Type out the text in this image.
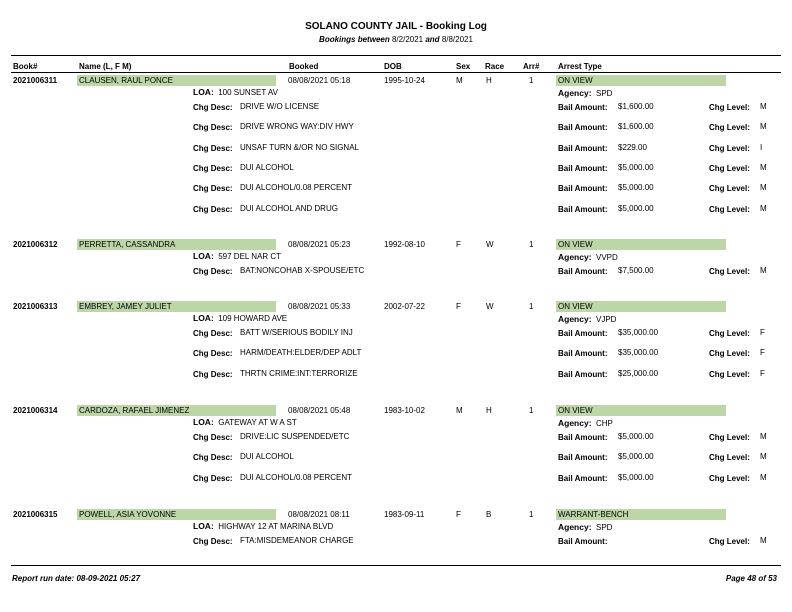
SOLANO COUNTY JAIL - Booking Log
Bookings between 8/2/2021 and 8/8/2021
Book#	Name (L, F M)	Booked	DOB	Sex Race Arr# Arrest Type
2021006311	CLAUSEN, RAUL PONCE	08/08/2021 05:18	1995-10-24	M	H	1	ON VIEW
LOA: 100 SUNSET AV	Agency: SPD
Chg Desc: DRIVE W/O LICENSE	Bail Amount: $1,600.00	Chg Level: M
Chg Desc: DRIVE WRONG WAY:DIV HWY	Bail Amount: $1,600.00	Chg Level: M
Chg Desc: UNSAF TURN &/OR NO SIGNAL	Bail Amount: $229.00	Chg Level: I
Chg Desc: DUI ALCOHOL	Bail Amount: $5,000.00	Chg Level: M
Chg Desc: DUI ALCOHOL/0.08 PERCENT	Bail Amount: $5,000.00	Chg Level: M
Chg Desc: DUI ALCOHOL AND DRUG	Bail Amount: $5,000.00	Chg Level: M
2021006312	PERRETTA, CASSANDRA	08/08/2021 05:23	1992-08-10	F	W	1	ON VIEW
LOA: 597 DEL NAR CT	Agency: VVPD
Chg Desc: BAT:NONCOHAB X-SPOUSE/ETC	Bail Amount: $7,500.00	Chg Level: M
2021006313	EMBREY, JAMEY JULIET	08/08/2021 05:33	2002-07-22	F	W	1	ON VIEW
LOA: 109 HOWARD AVE	Agency: VJPD
Chg Desc: BATT W/SERIOUS BODILY INJ	Bail Amount: $35,000.00	Chg Level: F
Chg Desc: HARM/DEATH:ELDER/DEP ADLT	Bail Amount: $35,000.00	Chg Level: F
Chg Desc: THRTN CRIME:INT:TERRORIZE	Bail Amount: $25,000.00	Chg Level: F
2021006314	CARDOZA, RAFAEL JIMENEZ	08/08/2021 05:48	1983-10-02	M	H	1	ON VIEW
LOA: GATEWAY AT W A ST	Agency: CHP
Chg Desc: DRIVE:LIC SUSPENDED/ETC	Bail Amount: $5,000.00	Chg Level: M
Chg Desc: DUI ALCOHOL	Bail Amount: $5,000.00	Chg Level: M
Chg Desc: DUI ALCOHOL/0.08 PERCENT	Bail Amount: $5,000.00	Chg Level: M
2021006315	POWELL, ASIA YOVONNE	08/08/2021 08:11	1983-09-11	F	B	1	WARRANT-BENCH
LOA: HIGHWAY 12 AT MARINA BLVD	Agency: SPD
Chg Desc: FTA:MISDEMEANOR CHARGE	Bail Amount:	Chg Level: M
Report run date: 08-09-2021 05:27	Page 48 of 53
